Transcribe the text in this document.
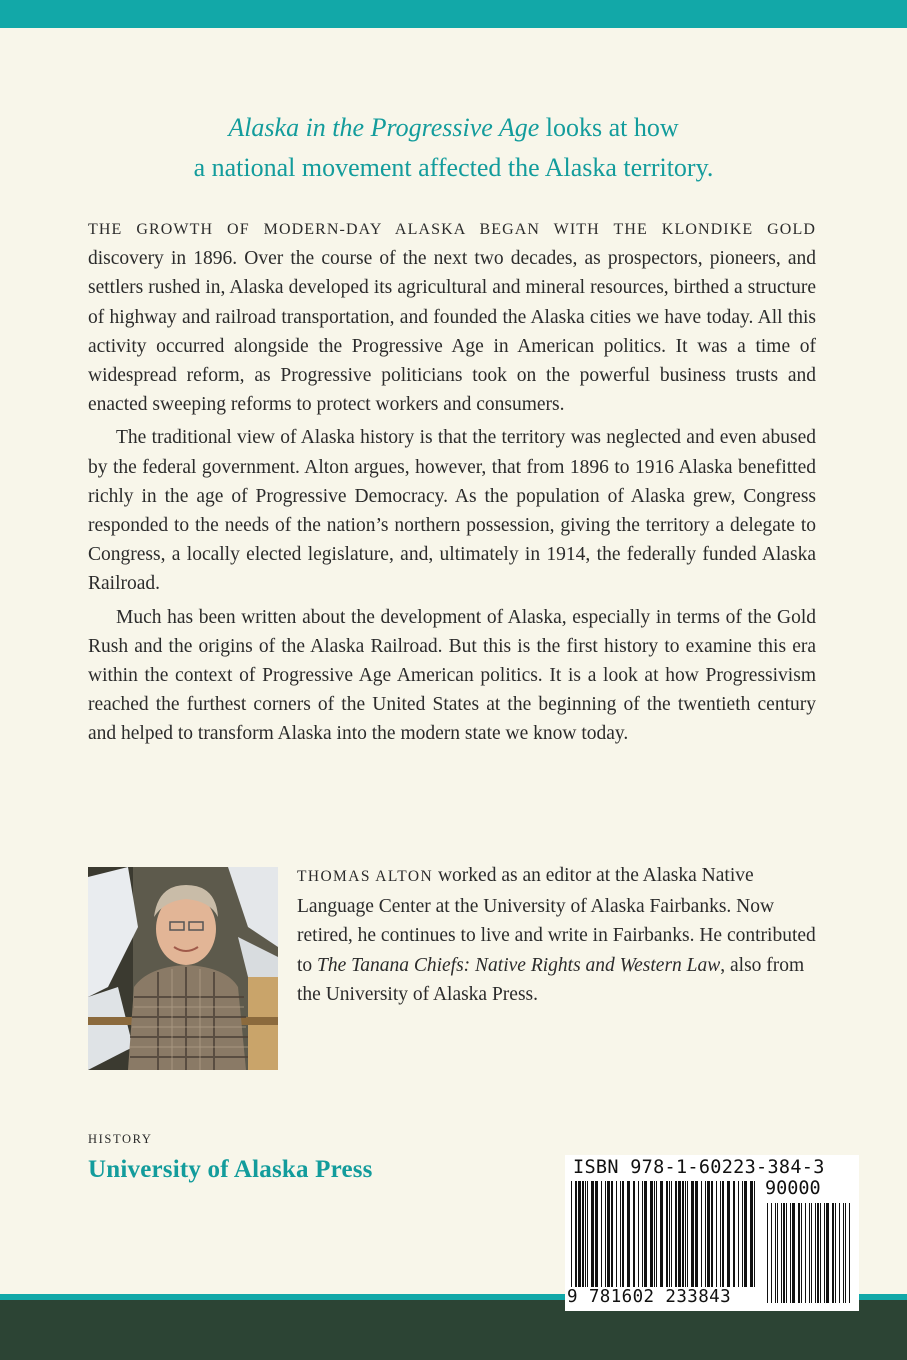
Alaska in the Progressive Age looks at how
a national movement affected the Alaska territory.

THE GROWTH OF MODERN-DAY ALASKA BEGAN WITH THE KLONDIKE GOLD discovery in 1896. Over the course of the next two decades, as prospectors, pioneers, and settlers rushed in, Alaska developed its agricultural and mineral resources, birthed a structure of highway and railroad transportation, and founded the Alaska cities we have today. All this activity occurred alongside the Progressive Age in American politics. It was a time of widespread reform, as Progressive politicians took on the powerful business trusts and enacted sweeping reforms to protect workers and consumers.

The traditional view of Alaska history is that the territory was neglected and even abused by the federal government. Alton argues, however, that from 1896 to 1916 Alaska benefitted richly in the age of Progressive Democracy. As the population of Alaska grew, Congress responded to the needs of the nation’s northern possession, giving the territory a delegate to Congress, a locally elected legislature, and, ultimately in 1914, the federally funded Alaska Railroad.

Much has been written about the development of Alaska, especially in terms of the Gold Rush and the origins of the Alaska Railroad. But this is the first history to examine this era within the context of Progressive Age American politics. It is a look at how Progressivism reached the furthest corners of the United States at the beginning of the twentieth century and helped to transform Alaska into the modern state we know today.

THOMAS ALTON worked as an editor at the Alaska Native Language Center at the University of Alaska Fairbanks. Now retired, he continues to live and write in Fairbanks. He contributed to The Tanana Chiefs: Native Rights and Western Law, also from the University of Alaska Press.
HISTORY
University of Alaska Press	ISBN 978-1-60223-384-3
90000
9 781602 233843
